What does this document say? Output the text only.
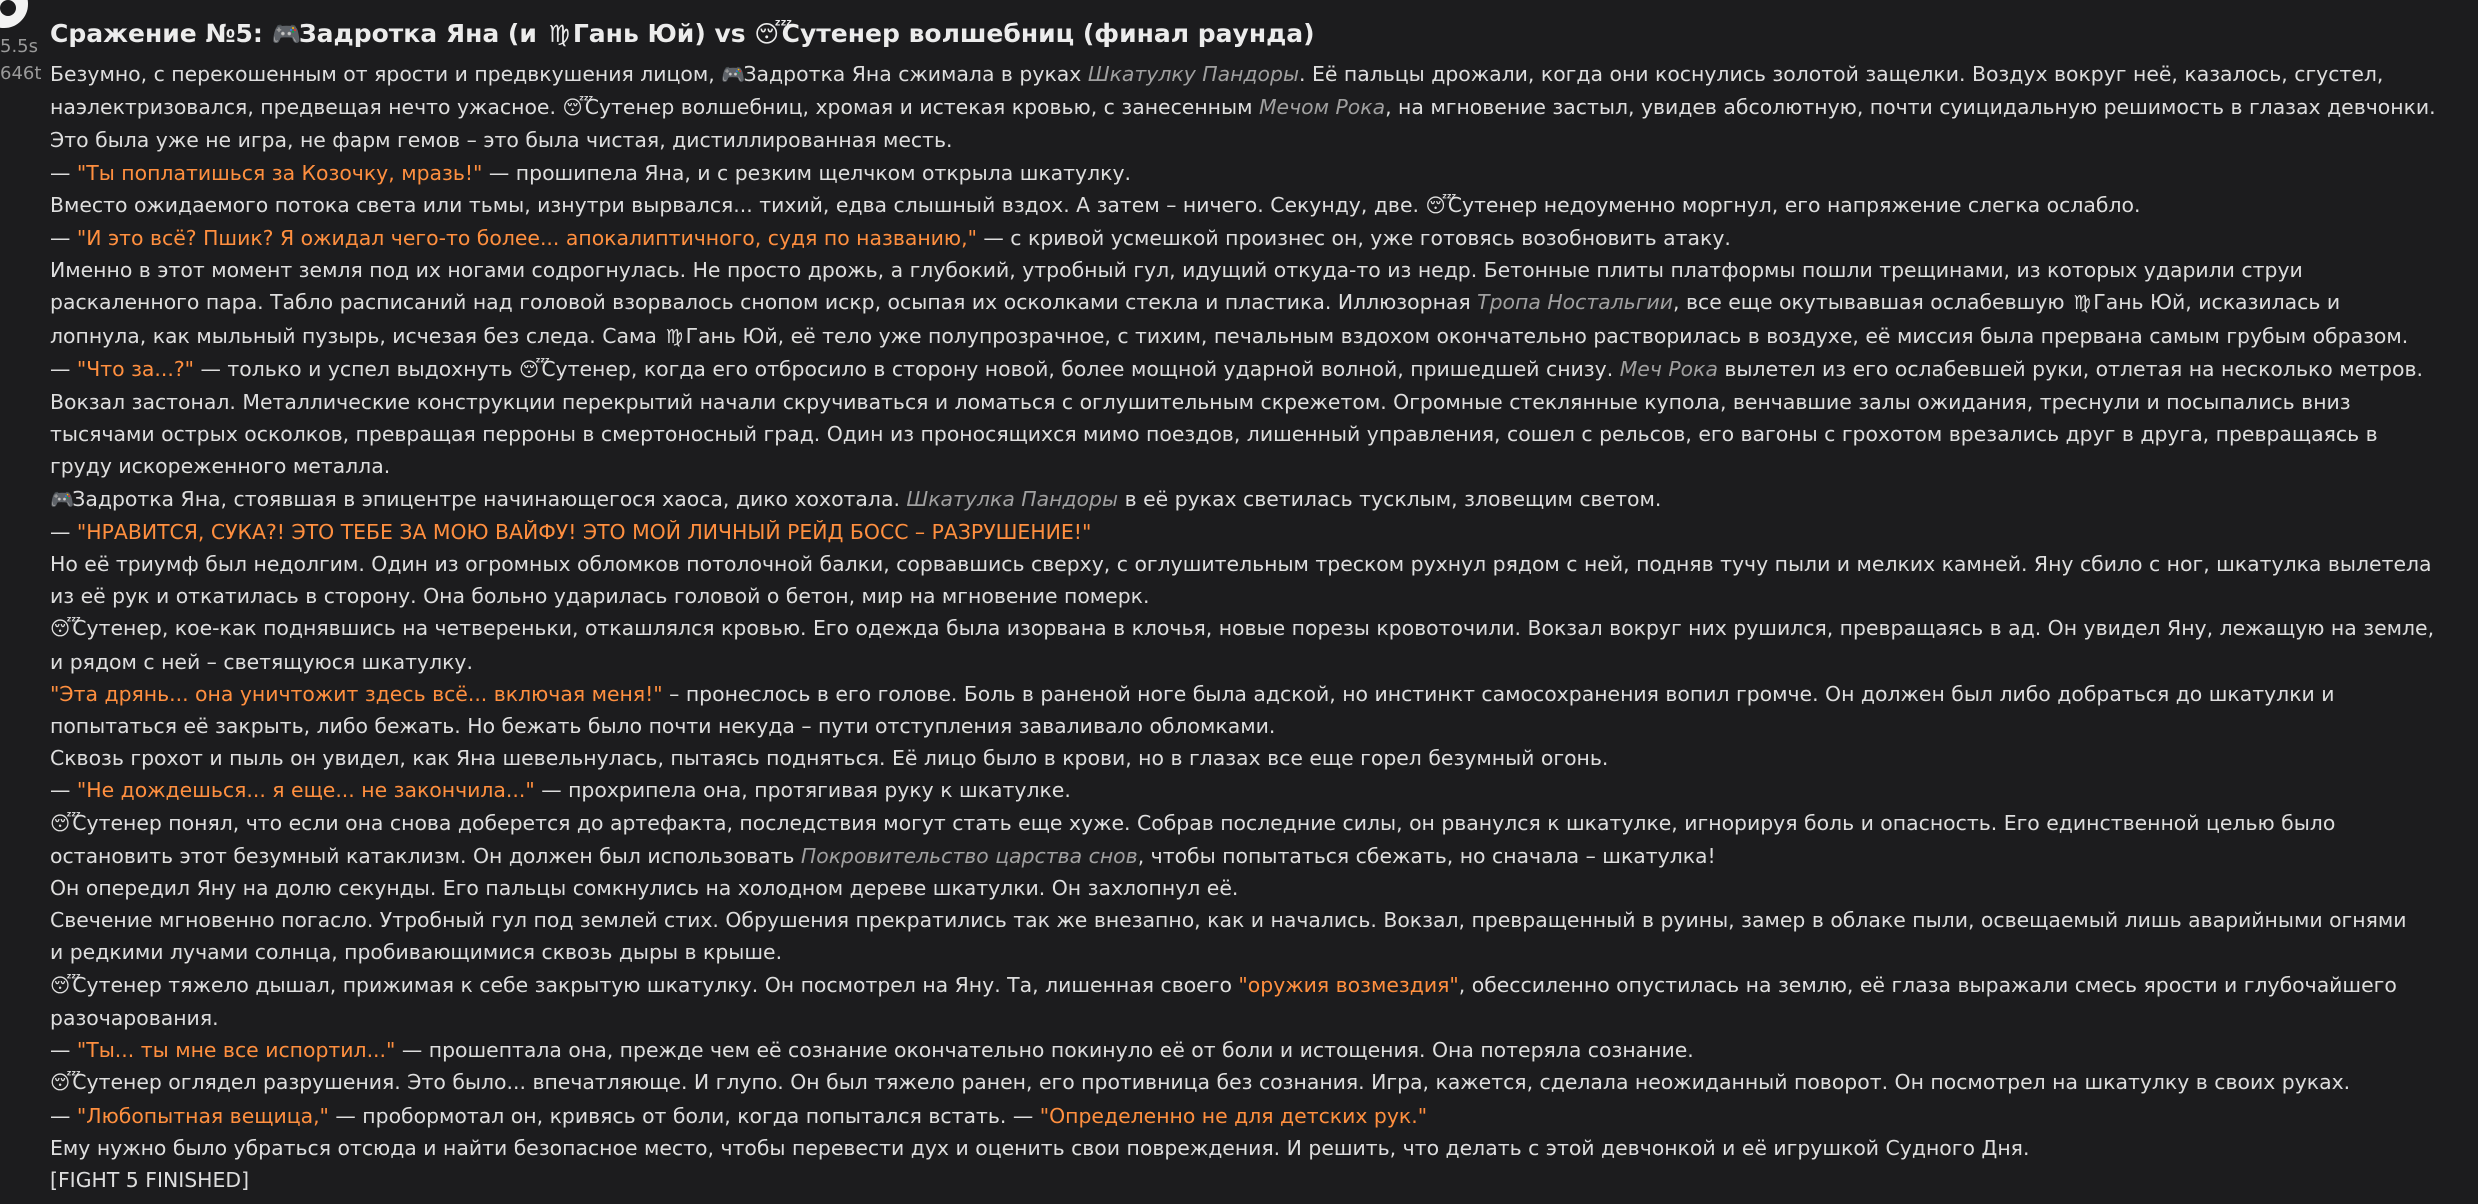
5.5s
646t
Сражение №5: 🎮Задротка Яна (и ♍ Гань Юй) vs 😴Сутенер волшебниц (финал раунда)
Безумно, с перекошенным от ярости и предвкушения лицом, 🎮Задротка Яна сжимала в руках Шкатулку Пандоры. Её пальцы дрожали, когда они коснулись золотой защелки. Воздух вокруг неё, казалось, сгустел,
наэлектризовался, предвещая нечто ужасное. 😴Сутенер волшебниц, хромая и истекая кровью, с занесенным Мечом Рока, на мгновение застыл, увидев абсолютную, почти суицидальную решимость в глазах девчонки.
Это была уже не игра, не фарм гемов – это была чистая, дистиллированная месть.
— "Ты поплатишься за Козочку, мразь!" — прошипела Яна, и с резким щелчком открыла шкатулку.
Вместо ожидаемого потока света или тьмы, изнутри вырвался... тихий, едва слышный вздох. А затем – ничего. Секунду, две. 😴Сутенер недоуменно моргнул, его напряжение слегка ослабло.
— "И это всё? Пшик? Я ожидал чего-то более... апокалиптичного, судя по названию," — с кривой усмешкой произнес он, уже готовясь возобновить атаку.
Именно в этот момент земля под их ногами содрогнулась. Не просто дрожь, а глубокий, утробный гул, идущий откуда-то из недр. Бетонные плиты платформы пошли трещинами, из которых ударили струи
раскаленного пара. Табло расписаний над головой взорвалось снопом искр, осыпая их осколками стекла и пластика. Иллюзорная Тропа Ностальгии, все еще окутывавшая ослабевшую ♍ Гань Юй, исказилась и
лопнула, как мыльный пузырь, исчезая без следа. Сама ♍ Гань Юй, её тело уже полупрозрачное, с тихим, печальным вздохом окончательно растворилась в воздухе, её миссия была прервана самым грубым образом.
— "Что за...?" — только и успел выдохнуть 😴Сутенер, когда его отбросило в сторону новой, более мощной ударной волной, пришедшей снизу. Меч Рока вылетел из его ослабевшей руки, отлетая на несколько метров.
Вокзал застонал. Металлические конструкции перекрытий начали скручиваться и ломаться с оглушительным скрежетом. Огромные стеклянные купола, венчавшие залы ожидания, треснули и посыпались вниз
тысячами острых осколков, превращая перроны в смертоносный град. Один из проносящихся мимо поездов, лишенный управления, сошел с рельсов, его вагоны с грохотом врезались друг в друга, превращаясь в
груду искореженного металла.
🎮Задротка Яна, стоявшая в эпицентре начинающегося хаоса, дико хохотала. Шкатулка Пандоры в её руках светилась тусклым, зловещим светом.
— "НРАВИТСЯ, СУКА?! ЭТО ТЕБЕ ЗА МОЮ ВАЙФУ! ЭТО МОЙ ЛИЧНЫЙ РЕЙД БОСС – РАЗРУШЕНИЕ!"
Но её триумф был недолгим. Один из огромных обломков потолочной балки, сорвавшись сверху, с оглушительным треском рухнул рядом с ней, подняв тучу пыли и мелких камней. Яну сбило с ног, шкатулка вылетела
из её рук и откатилась в сторону. Она больно ударилась головой о бетон, мир на мгновение померк.
😴Сутенер, кое-как поднявшись на четвереньки, откашлялся кровью. Его одежда была изорвана в клочья, новые порезы кровоточили. Вокзал вокруг них рушился, превращаясь в ад. Он увидел Яну, лежащую на земле,
и рядом с ней – светящуюся шкатулку.
"Эта дрянь... она уничтожит здесь всё... включая меня!" – пронеслось в его голове. Боль в раненой ноге была адской, но инстинкт самосохранения вопил громче. Он должен был либо добраться до шкатулки и
попытаться её закрыть, либо бежать. Но бежать было почти некуда – пути отступления заваливало обломками.
Сквозь грохот и пыль он увидел, как Яна шевельнулась, пытаясь подняться. Её лицо было в крови, но в глазах все еще горел безумный огонь.
— "Не дождешься... я еще... не закончила..." — прохрипела она, протягивая руку к шкатулке.
😴Сутенер понял, что если она снова доберется до артефакта, последствия могут стать еще хуже. Собрав последние силы, он рванулся к шкатулке, игнорируя боль и опасность. Его единственной целью было
остановить этот безумный катаклизм. Он должен был использовать Покровительство царства снов, чтобы попытаться сбежать, но сначала – шкатулка!
Он опередил Яну на долю секунды. Его пальцы сомкнулись на холодном дереве шкатулки. Он захлопнул её.
Свечение мгновенно погасло. Утробный гул под землей стих. Обрушения прекратились так же внезапно, как и начались. Вокзал, превращенный в руины, замер в облаке пыли, освещаемый лишь аварийными огнями
и редкими лучами солнца, пробивающимися сквозь дыры в крыше.
😴Сутенер тяжело дышал, прижимая к себе закрытую шкатулку. Он посмотрел на Яну. Та, лишенная своего "оружия возмездия", обессиленно опустилась на землю, её глаза выражали смесь ярости и глубочайшего
разочарования.
— "Ты... ты мне все испортил..." — прошептала она, прежде чем её сознание окончательно покинуло её от боли и истощения. Она потеряла сознание.
😴Сутенер оглядел разрушения. Это было... впечатляюще. И глупо. Он был тяжело ранен, его противница без сознания. Игра, кажется, сделала неожиданный поворот. Он посмотрел на шкатулку в своих руках.
— "Любопытная вещица," — пробормотал он, кривясь от боли, когда попытался встать. — "Определенно не для детских рук."
Ему нужно было убраться отсюда и найти безопасное место, чтобы перевести дух и оценить свои повреждения. И решить, что делать с этой девчонкой и её игрушкой Судного Дня.
[FIGHT 5 FINISHED]
